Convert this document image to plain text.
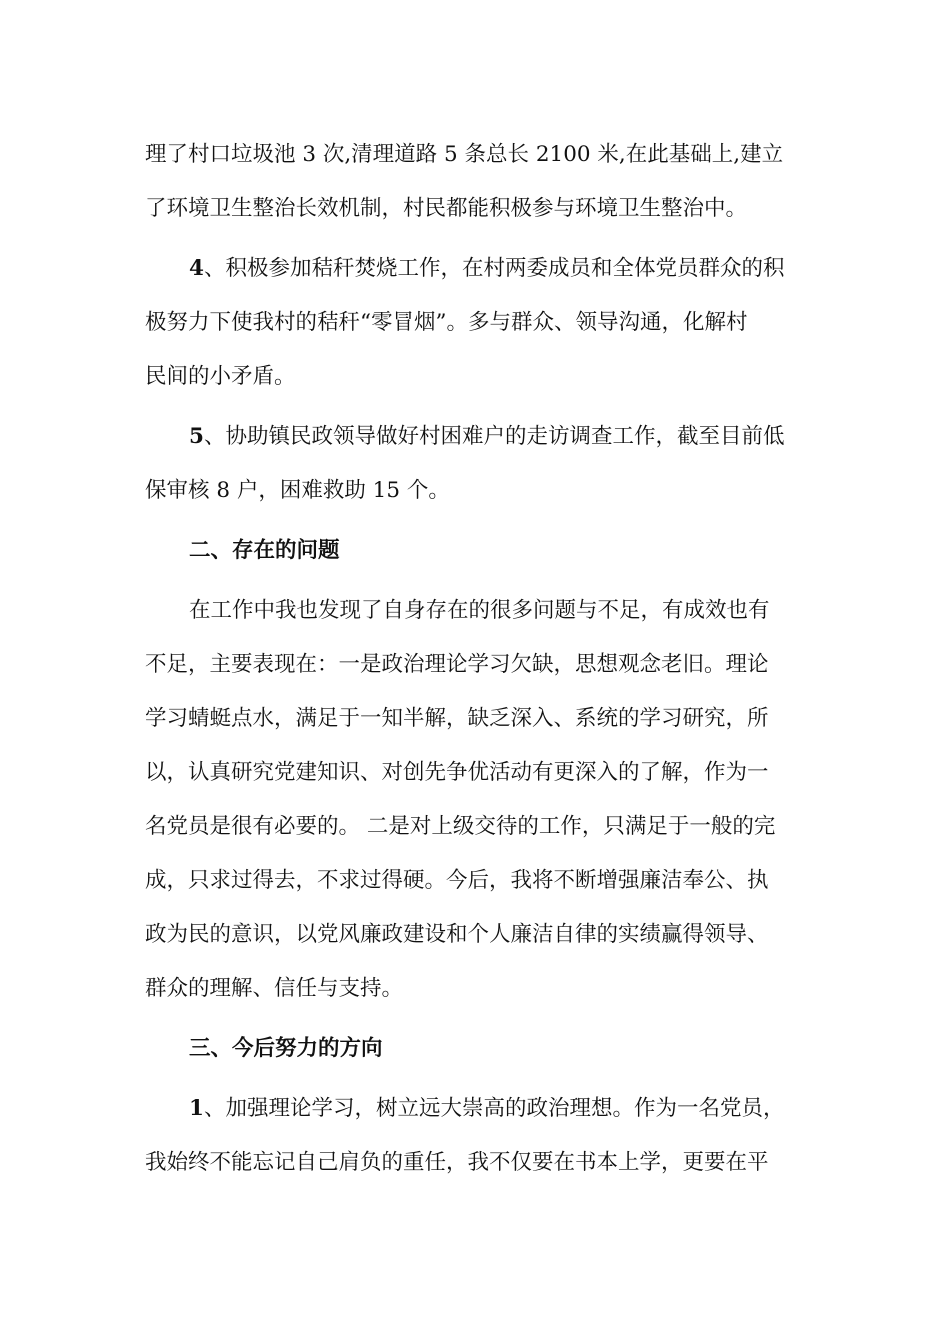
理了村口垃圾池 3 次,清理道路 5 条总长 2100 米,在此基础上,建立
了环境卫生整治长效机制，村民都能积极参与环境卫生整治中。

4、积极参加秸秆焚烧工作，在村两委成员和全体党员群众的积
极努力下使我村的秸秆“零冒烟”。多与群众、领导沟通，化解村
民间的小矛盾。

5、协助镇民政领导做好村困难户的走访调查工作，截至目前低
保审核 8 户，困难救助 15 个。

二、存在的问题

在工作中我也发现了自身存在的很多问题与不足，有成效也有
不足，主要表现在：一是政治理论学习欠缺，思想观念老旧。理论
学习蜻蜓点水，满足于一知半解，缺乏深入、系统的学习研究，所
以，认真研究党建知识、对创先争优活动有更深入的了解，作为一
名党员是很有必要的。 二是对上级交待的工作，只满足于一般的完
成，只求过得去，不求过得硬。今后，我将不断增强廉洁奉公、执
政为民的意识，以党风廉政建设和个人廉洁自律的实绩赢得领导、
群众的理解、信任与支持。

三、今后努力的方向

1、加强理论学习，树立远大崇高的政治理想。作为一名党员，
我始终不能忘记自己肩负的重任，我不仅要在书本上学，更要在平
